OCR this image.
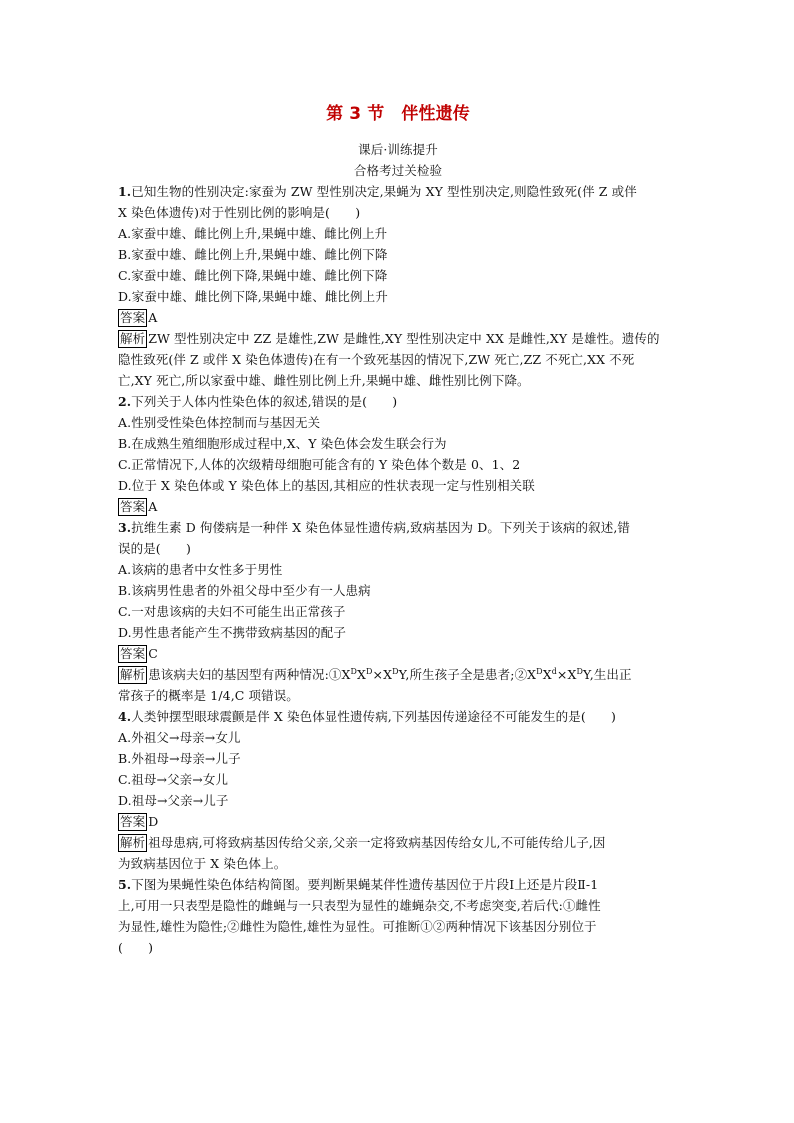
第 3 节　伴性遗传
课后·训练提升
合格考过关检验
1.已知生物的性别决定:家蚕为 ZW 型性别决定,果蝇为 XY 型性别决定,则隐性致死(伴 Z 或伴
X 染色体遗传)对于性别比例的影响是(　　)
A.家蚕中雄、雌比例上升,果蝇中雄、雌比例上升
B.家蚕中雄、雌比例上升,果蝇中雄、雌比例下降
C.家蚕中雄、雌比例下降,果蝇中雄、雌比例下降
D.家蚕中雄、雌比例下降,果蝇中雄、雌比例上升
答案 A
解析 ZW 型性别决定中 ZZ 是雄性,ZW 是雌性,XY 型性别决定中 XX 是雌性,XY 是雄性。遗传的
隐性致死(伴 Z 或伴 X 染色体遗传)在有一个致死基因的情况下,ZW 死亡,ZZ 不死亡,XX 不死
亡,XY 死亡,所以家蚕中雄、雌性别比例上升,果蝇中雄、雌性别比例下降。
2.下列关于人体内性染色体的叙述,错误的是(　　)
A.性别受性染色体控制而与基因无关
B.在成熟生殖细胞形成过程中,X、Y 染色体会发生联会行为
C.正常情况下,人体的次级精母细胞可能含有的 Y 染色体个数是 0、1、2
D.位于 X 染色体或 Y 染色体上的基因,其相应的性状表现一定与性别相关联
答案 A
3.抗维生素 D 佝偻病是一种伴 X 染色体显性遗传病,致病基因为 D。下列关于该病的叙述,错
误的是(　　)
A.该病的患者中女性多于男性
B.该病男性患者的外祖父母中至少有一人患病
C.一对患该病的夫妇不可能生出正常孩子
D.男性患者能产生不携带致病基因的配子
答案 C
解析 患该病夫妇的基因型有两种情况$:①X^DX^D\times X^DY$,所生孩子全是患者$;②X^DX^d\times X^DY$,生出正
常孩子的概率是 1/4,C 项错误。
4.人类钟摆型眼球震颤是伴 X 染色体显性遗传病,下列基因传递途径不可能发生的是(　　)
A.外祖父→母亲→女儿
B.外祖母→母亲→儿子
C.祖母→父亲→女儿
D.祖母→父亲→儿子
答案 D
解析 祖母患病,可将致病基因传给父亲,父亲一定将致病基因传给女儿,不可能传给儿子,因
为致病基因位于 X 染色体上。
5.下图为果蝇性染色体结构简图。要判断果蝇某伴性遗传基因位于片段Ⅰ上还是片段Ⅱ-1
上,可用一只表型是隐性的雌蝇与一只表型为显性的雄蝇杂交,不考虑突变,若后代:①雌性
为显性,雄性为隐性;②雌性为隐性,雄性为显性。可推断①②两种情况下该基因分别位于
(　　)
